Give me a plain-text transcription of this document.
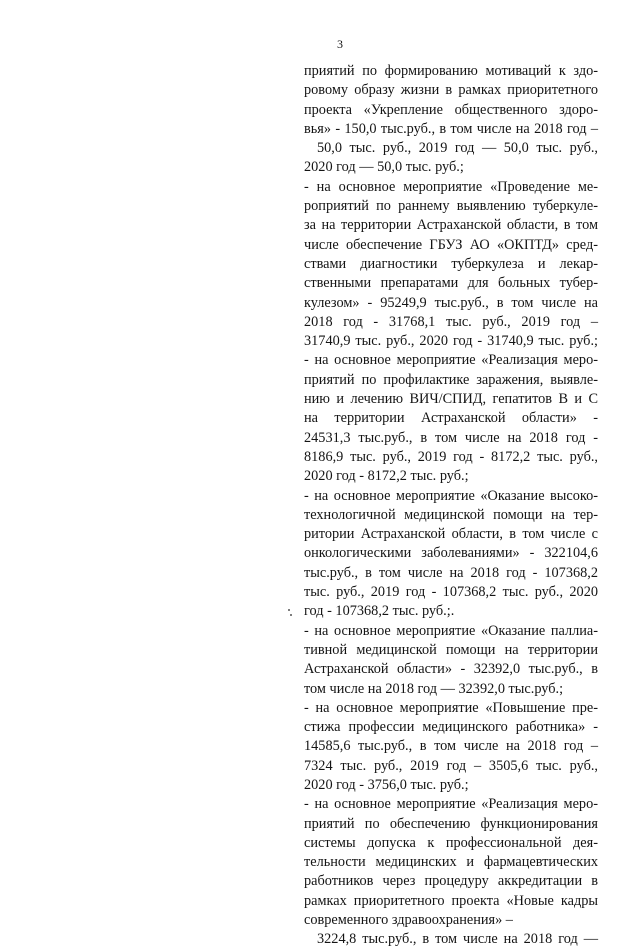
3
приятий по формированию мотиваций к здо-
ровому образу жизни в рамках приоритетного
проекта «Укрепление общественного здоро-
вья» - 150,0 тыс.руб., в том числе на 2018 год –
50,0 тыс. руб., 2019 год — 50,0 тыс. руб.,
2020 год — 50,0 тыс. руб.;
- на основное мероприятие «Проведение ме-
роприятий по раннему выявлению туберкуле-
за на территории Астраханской области, в том
числе обеспечение ГБУЗ АО «ОКПТД» сред-
ствами диагностики туберкулеза и лекар-
ственными препаратами для больных тубер-
кулезом» - 95249,9 тыс.руб., в том числе на
2018 год - 31768,1 тыс. руб., 2019 год –
31740,9 тыс. руб., 2020 год - 31740,9 тыс. руб.;
- на основное мероприятие «Реализация меро-
приятий по профилактике заражения, выявле-
нию и лечению ВИЧ/СПИД, гепатитов В и С
на территории Астраханской области» -
24531,3 тыс.руб., в том числе на 2018 год -
8186,9 тыс. руб., 2019 год - 8172,2 тыс. руб.,
2020 год - 8172,2 тыс. руб.;
- на основное мероприятие «Оказание высоко-
технологичной медицинской помощи на тер-
ритории Астраханской области, в том числе с
онкологическими заболеваниями» - 322104,6
тыс.руб., в том числе на 2018 год - 107368,2
тыс. руб., 2019 год - 107368,2 тыс. руб., 2020
год - 107368,2 тыс. руб.;.
- на основное мероприятие «Оказание паллиа-
тивной медицинской помощи на территории
Астраханской области» - 32392,0 тыс.руб., в
том числе на 2018 год — 32392,0 тыс.руб.;
- на основное мероприятие «Повышение пре-
стижа профессии медицинского работника» -
14585,6 тыс.руб., в том числе на 2018 год –
7324 тыс. руб., 2019 год – 3505,6 тыс. руб.,
2020 год - 3756,0 тыс. руб.;
- на основное мероприятие «Реализация меро-
приятий по обеспечению функционирования
системы допуска к профессиональной дея-
тельности медицинских и фармацевтических
работников через процедуру аккредитации в
рамках приоритетного проекта «Новые кадры
современного здравоохранения» –
3224,8 тыс.руб., в том числе на 2018 год —
